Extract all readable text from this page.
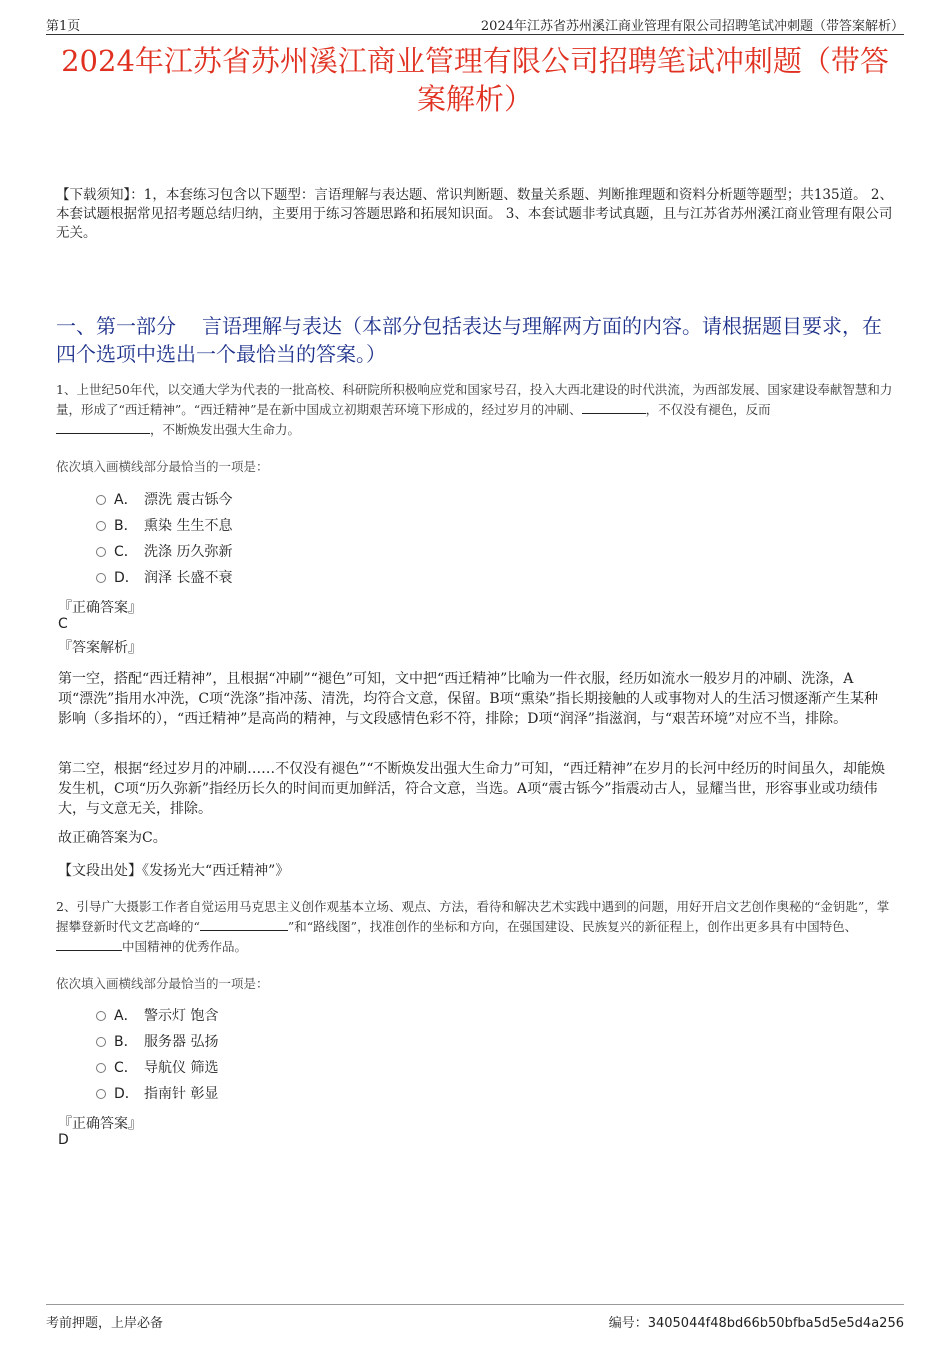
第1页	2024年江苏省苏州溪江商业管理有限公司招聘笔试冲刺题（带答案解析）
2024年江苏省苏州溪江商业管理有限公司招聘笔试冲刺题（带答案解析）
【下载须知】：1，本套练习包含以下题型：言语理解与表达题、常识判断题、数量关系题、判断推理题和资料分析题等题型；共135道。 2、本套试题根据常见招考题总结归纳，主要用于练习答题思路和拓展知识面。 3、本套试题非考试真题，且与江苏省苏州溪江商业管理有限公司无关。
一、第一部分 言语理解与表达（本部分包括表达与理解两方面的内容。请根据题目要求，在四个选项中选出一个最恰当的答案。）
1、上世纪50年代，以交通大学为代表的一批高校、科研院所积极响应党和国家号召，投入大西北建设的时代洪流，为西部发展、国家建设奉献智慧和力量，形成了“西迁精神”。“西迁精神”是在新中国成立初期艰苦环境下形成的，经过岁月的冲刷、	，不仅没有褪色，反而
，不断焕发出强大生命力。
依次填入画横线部分最恰当的一项是：
A． 漂洗 震古铄今
B． 熏染 生生不息
C． 洗涤 历久弥新
D． 润泽 长盛不衰
『正确答案』
C
『答案解析』
第一空，搭配“西迁精神”，且根据“冲刷”“褪色”可知，文中把“西迁精神”比喻为一件衣服，经历如流水一般岁月的冲刷、洗涤，A项“漂洗”指用水冲洗，C项“洗涤”指冲荡、清洗，均符合文意，保留。B项“熏染”指长期接触的人或事物对人的生活习惯逐渐产生某种影响（多指坏的），“西迁精神”是高尚的精神，与文段感情色彩不符，排除；D项“润泽”指滋润，与“艰苦环境”对应不当，排除。
第二空，根据“经过岁月的冲刷……不仅没有褪色”“不断焕发出强大生命力”可知，“西迁精神”在岁月的长河中经历的时间虽久，却能焕发生机，C项“历久弥新”指经历长久的时间而更加鲜活，符合文意，当选。A项“震古铄今”指震动古人，显耀当世，形容事业或功绩伟大，与文意无关，排除。
故正确答案为C。
【文段出处】《发扬光大“西迁精神”》
2、引导广大摄影工作者自觉运用马克思主义创作观基本立场、观点、方法，看待和解决艺术实践中遇到的问题，用好开启文艺创作奥秘的“金钥匙”，掌握攀登新时代文艺高峰的“	”和“路线图”，找准创作的坐标和方向，在强国建设、民族复兴的新征程上，创作出更多具有中国特色、中国精神的优秀作品。
依次填入画横线部分最恰当的一项是：
A． 警示灯 饱含
B． 服务器 弘扬
C． 导航仪 筛选
D． 指南针 彰显
『正确答案』
D
考前押题，上岸必备	编号：3405044f48bd66b50bfba5d5e5d4a256
